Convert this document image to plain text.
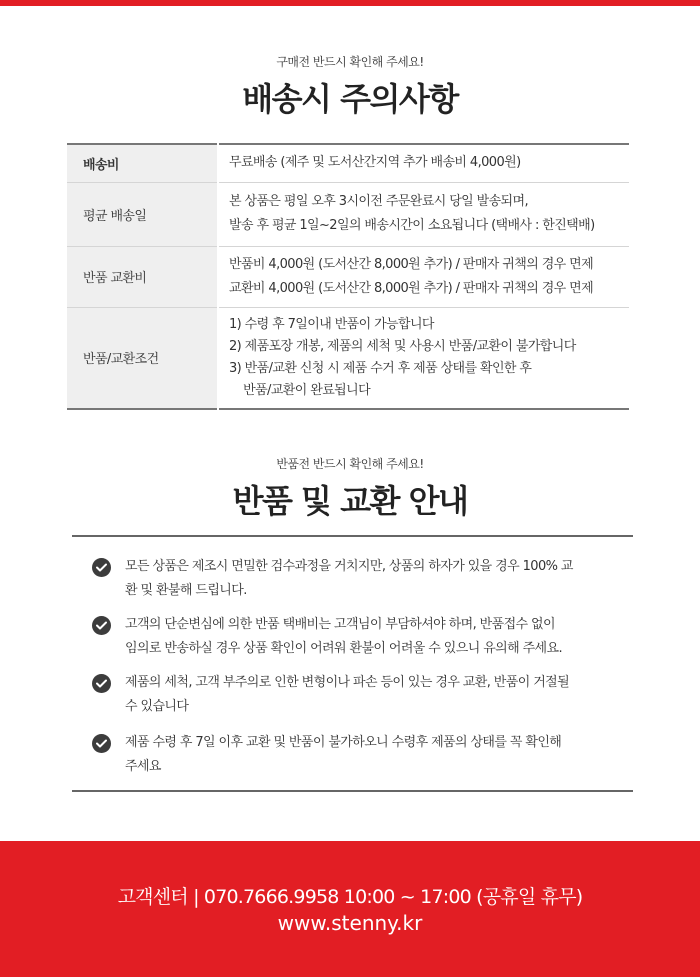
구매전 반드시 확인해 주세요!
배송시 주의사항
배송비	무료배송 (제주 및 도서산간지역 추가 배송비 4,000원)

평균 배송일	본 상품은 평일 오후 3시이전 주문완료시 당일 발송되며,
발송 후 평균 1일~2일의 배송시간이 소요됩니다 (택배사 : 한진택배)

반품 교환비	반품비 4,000원 (도서산간 8,000원 추가) / 판매자 귀책의 경우 면제
교환비 4,000원 (도서산간 8,000원 추가) / 판매자 귀책의 경우 면제

반품/교환조건	1) 수령 후 7일이내 반품이 가능합니다
2) 제품포장 개봉, 제품의 세척 및 사용시 반품/교환이 불가합니다
3) 반품/교환 신청 시 제품 수거 후 제품 상태를 확인한 후
반품/교환이 완료됩니다
반품전 반드시 확인해 주세요!
반품 및 교환 안내
모든 상품은 제조시 면밀한 검수과정을 거치지만, 상품의 하자가 있을 경우 100% 교
환 및 환불해 드립니다.
고객의 단순변심에 의한 반품 택배비는 고객님이 부담하셔야 하며, 반품접수 없이
임의로 반송하실 경우 상품 확인이 어려워 환불이 어려울 수 있으니 유의해 주세요.
제품의 세척, 고객 부주의로 인한 변형이나 파손 등이 있는 경우 교환, 반품이 거절될
수 있습니다
제품 수령 후 7일 이후 교환 및 반품이 불가하오니 수령후 제품의 상태를 꼭 확인해
주세요
고객센터 | 070.7666.9958 10:00 ~ 17:00 (공휴일 휴무)
www.stenny.kr
